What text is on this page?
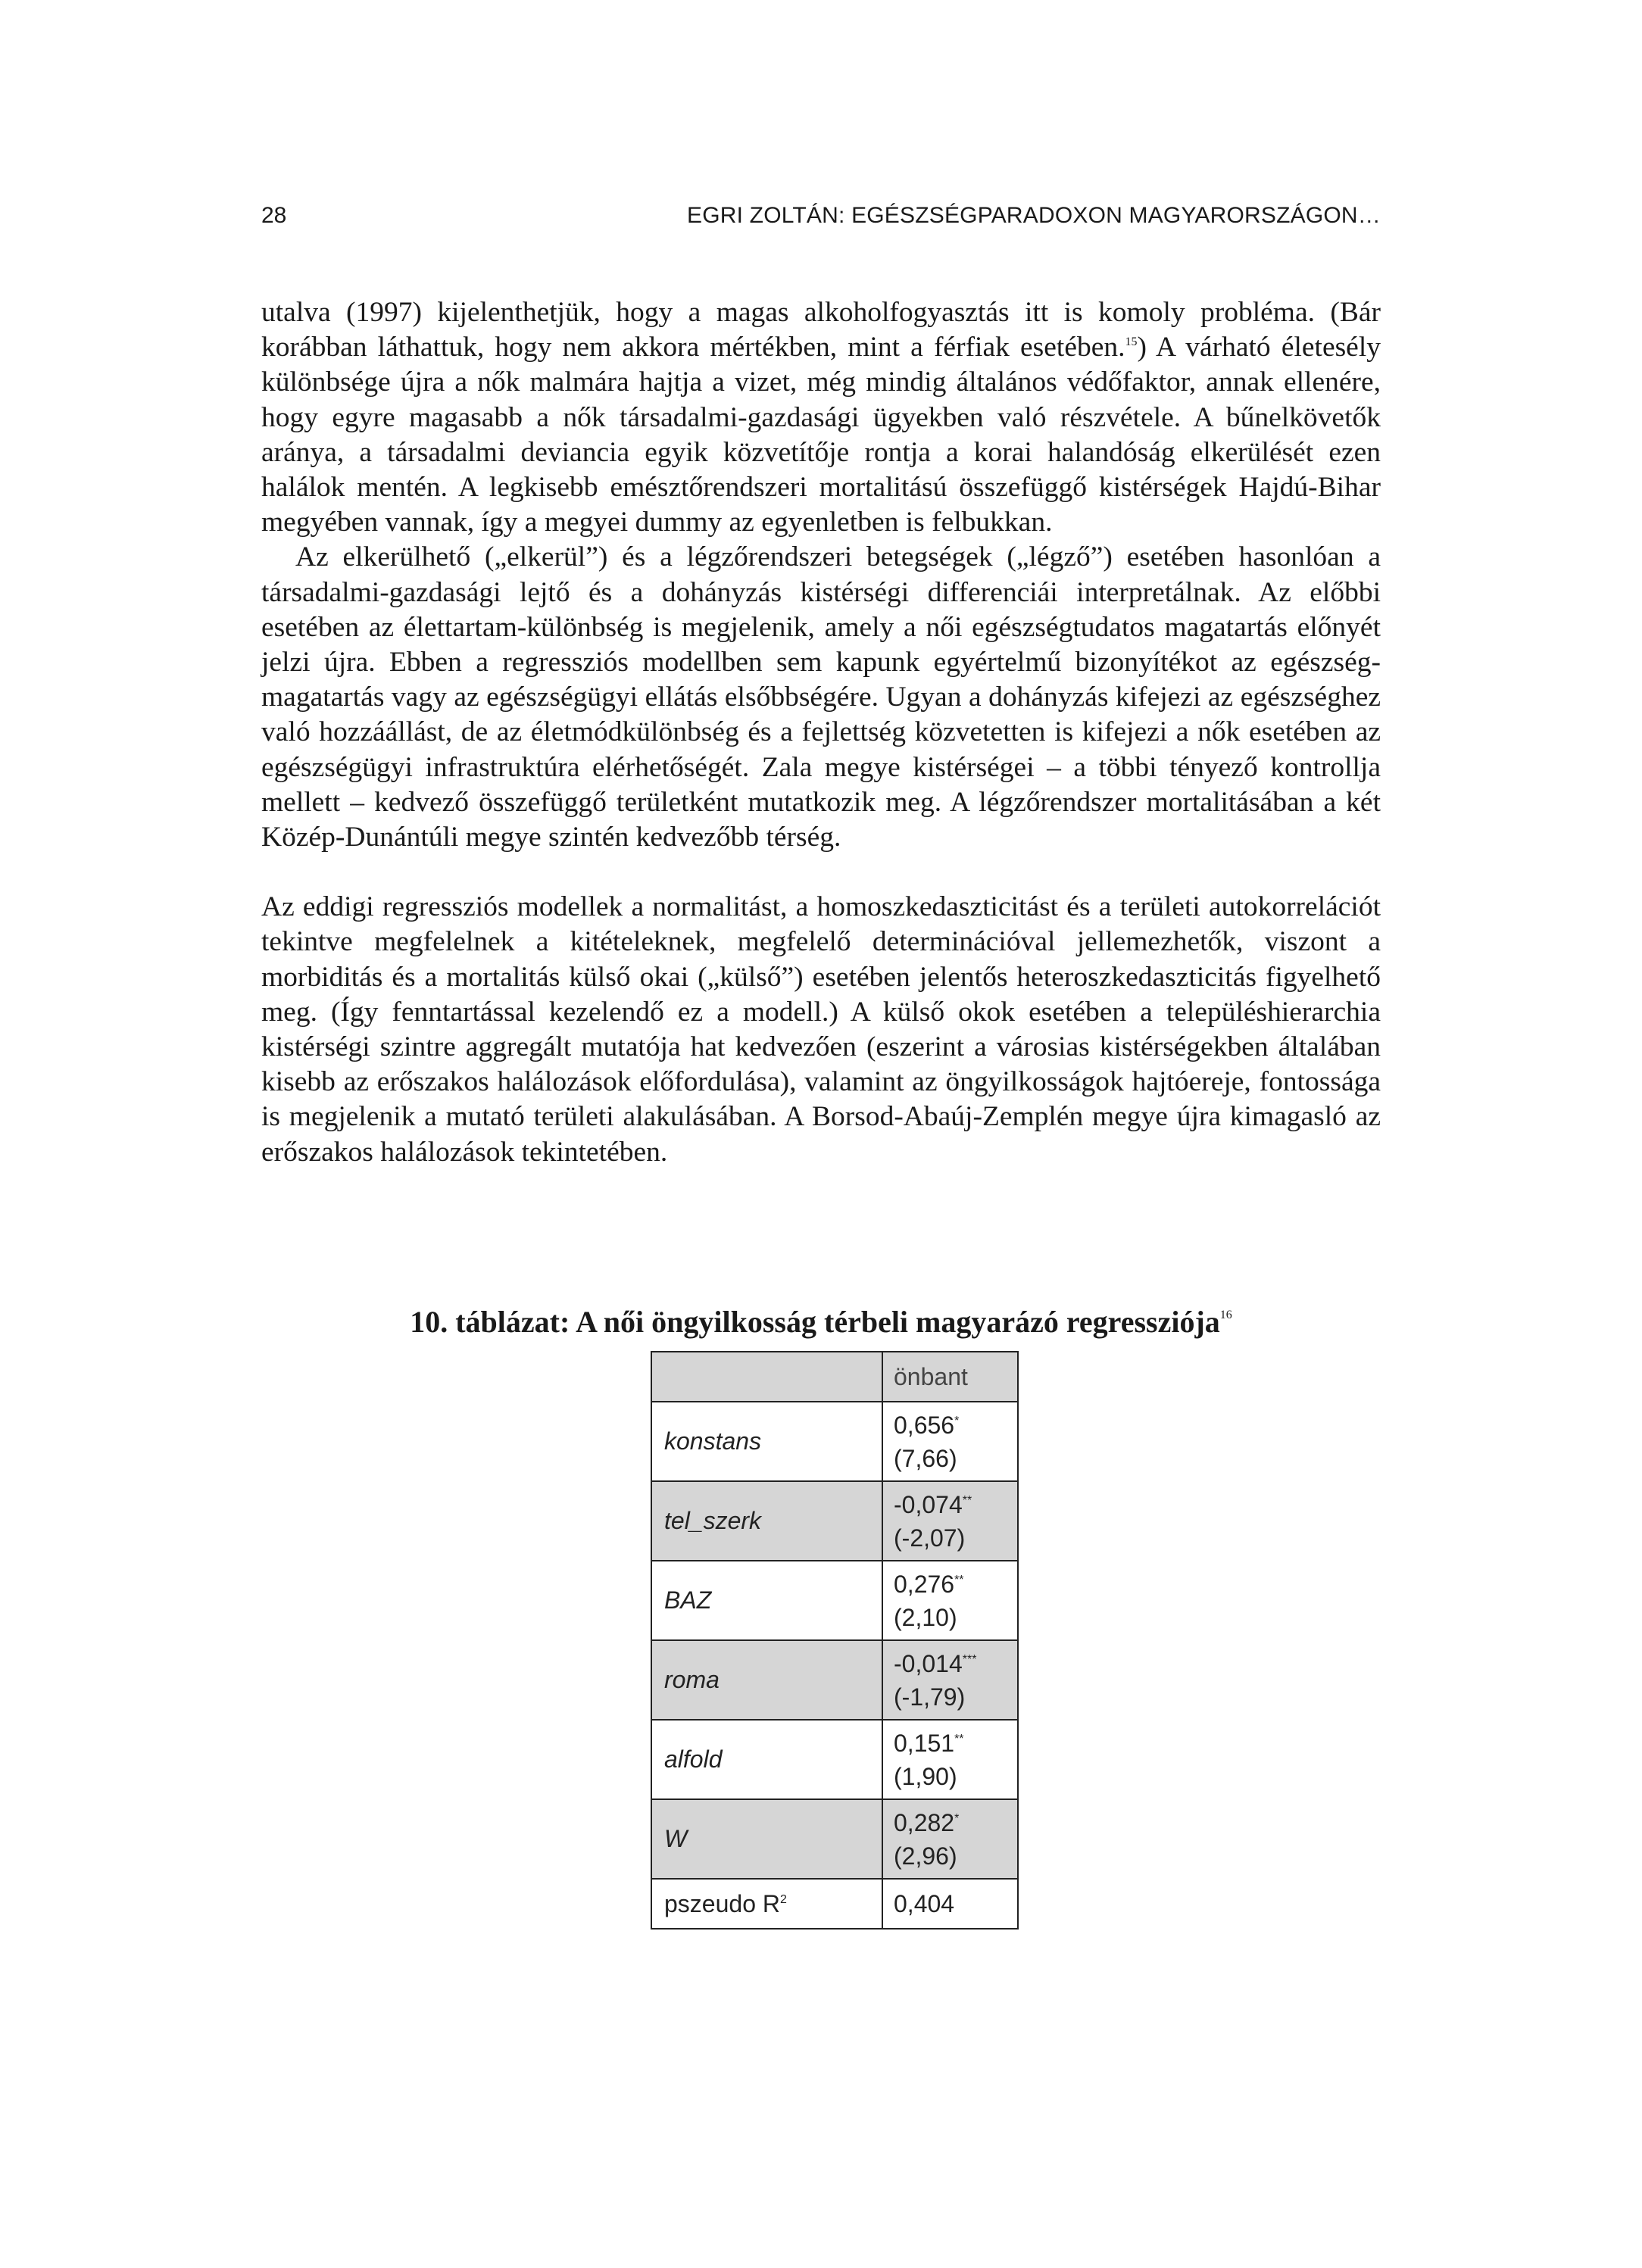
28	EGRI ZOLTÁN: EGÉSZSÉGPARADOXON MAGYARORSZÁGON…

utalva (1997) kijelenthetjük, hogy a magas alkoholfogyasztás itt is komoly probléma. (Bár korábban láthattuk, hogy nem akkora mértékben, mint a férfiak esetében.$^{15}$) A várható életesély különbsége újra a nők malmára hajtja a vizet, még mindig általános védőfaktor, annak ellenére, hogy egyre magasabb a nők társadalmi-gazdasági ügyekben való részvétele. A bűnelkövetők aránya, a társadalmi deviancia egyik közvetítője rontja a korai halandóság elkerülését ezen halálok mentén. A legkisebb emésztőrendszeri mortalitású összefüggő kistérségek Hajdú-Bihar megyében vannak, így a megyei dummy az egyenletben is felbukkan.

Az elkerülhető („elkerül”) és a légzőrendszeri betegségek („légző”) esetében hasonlóan a társadalmi-gazdasági lejtő és a dohányzás kistérségi differenciái interpretálnak. Az előbbi esetében az élettartam-különbség is megjelenik, amely a női egészségtudatos magatartás előnyét jelzi újra. Ebben a regressziós modellben sem kapunk egyértelmű bizonyítékot az egészség-magatartás vagy az egészségügyi ellátás elsőbbségére. Ugyan a dohányzás kifejezi az egészséghez való hozzáállást, de az életmódkülönbség és a fejlettség közvetetten is kifejezi a nők esetében az egészségügyi infrastruktúra elérhetőségét. Zala megye kistérségei – a többi tényező kontrollja mellett – kedvező összefüggő területként mutatkozik meg. A légzőrendszer mortalitásában a két Közép-Dunántúli megye szintén kedvezőbb térség.

Az eddigi regressziós modellek a normalitást, a homoszkedaszticitást és a területi autokorrelációt tekintve megfelelnek a kitételeknek, megfelelő determinációval jellemezhetők, viszont a morbiditás és a mortalitás külső okai („külső”) esetében jelentős heteroszkedaszticitás figyelhető meg. (Így fenntartással kezelendő ez a modell.) A külső okok esetében a településhierarchia kistérségi szintre aggregált mutatója hat kedvezően (eszerint a városias kistérségekben általában kisebb az erőszakos halálozások előfordulása), valamint az öngyilkosságok hajtóereje, fontossága is megjelenik a mutató területi alakulásában. A Borsod-Abaúj-Zemplén megye újra kimagasló az erőszakos halálozások tekintetében.

10. táblázat: A női öngyilkosság térbeli magyarázó regressziója$^{16}$
	önbant
konstans	0,656*
(7,66)
tel_szerk	-0,074**
(-2,07)
BAZ	0,276**
(2,10)
roma	-0,014***
(-1,79)
alfold	0,151**
(1,90)
W	0,282*
(2,96)
pszeudo $R^2$	0,404
